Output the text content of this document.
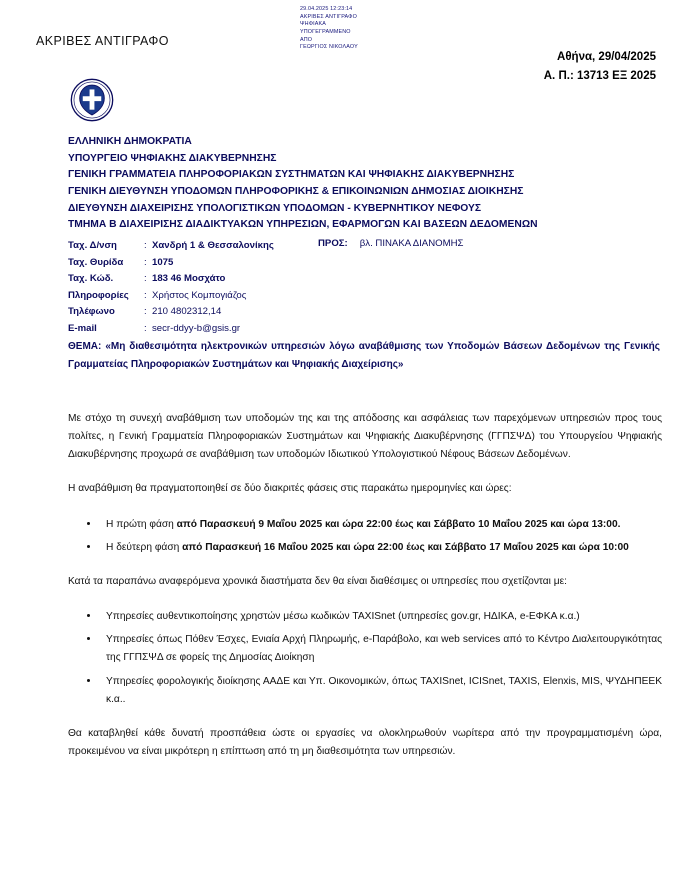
ΑΚΡΙΒΕΣ ΑΝΤΙΓΡΑΦΟ
29.04.2025 12:23:14
ΑΚΡΙΒΕΣ ΑΝΤΙΓΡΑΦΟ
ΨΗΦΙΑΚΑ
ΥΠΟΓΕΓΡΑΜΜΕΝΟ
ΑΠΟ
ΓΕΩΡΓΙΟΣ ΝΙΚΟΛΑΟΥ
Αθήνα, 29/04/2025
Α. Π.: 13713 ΕΞ 2025
ΕΛΛΗΝΙΚΗ ΔΗΜΟΚΡΑΤΙΑ
ΥΠΟΥΡΓΕΙΟ ΨΗΦΙΑΚΗΣ ΔΙΑΚΥΒΕΡΝΗΣΗΣ
ΓΕΝΙΚΗ ΓΡΑΜΜΑΤΕΙΑ ΠΛΗΡΟΦΟΡΙΑΚΩΝ ΣΥΣΤΗΜΑΤΩΝ ΚΑΙ ΨΗΦΙΑΚΗΣ ΔΙΑΚΥΒΕΡΝΗΣΗΣ
ΓΕΝΙΚΗ ΔΙΕΥΘΥΝΣΗ ΥΠΟΔΟΜΩΝ ΠΛΗΡΟΦΟΡΙΚΗΣ & ΕΠΙΚΟΙΝΩΝΙΩΝ ΔΗΜΟΣΙΑΣ ΔΙΟΙΚΗΣΗΣ
ΔΙΕΥΘΥΝΣΗ ΔΙΑΧΕΙΡΙΣΗΣ ΥΠΟΛΟΓΙΣΤΙΚΩΝ ΥΠΟΔΟΜΩΝ - ΚΥΒΕΡΝΗΤΙΚΟΥ ΝΕΦΟΥΣ
ΤΜΗΜΑ Β ΔΙΑΧΕΙΡΙΣΗΣ ΔΙΑΔΙΚΤΥΑΚΩΝ ΥΠΗΡΕΣΙΩΝ, ΕΦΑΡΜΟΓΩΝ ΚΑΙ ΒΑΣΕΩΝ ΔΕΔΟΜΕΝΩΝ
Ταχ. Δ/νση	:	Χανδρή 1 & Θεσσαλονίκης
Ταχ. Θυρίδα	:	1075
Ταχ. Κώδ.	:	183 46 Μοσχάτο
Πληροφορίες	:	Χρήστος Κομπογιάζος
Τηλέφωνο	:	210 4802312,14
E-mail	:	secr-ddyy-b@gsis.gr
ΠΡΟΣ: βλ. ΠΙΝΑΚΑ ΔΙΑΝΟΜΗΣ
ΘΕΜΑ: «Μη διαθεσιμότητα ηλεκτρονικών υπηρεσιών λόγω αναβάθμισης των Υποδομών Βάσεων Δεδομένων της Γενικής Γραμματείας Πληροφοριακών Συστημάτων και Ψηφιακής Διαχείρισης»

Με στόχο τη συνεχή αναβάθμιση των υποδομών της και της απόδοσης και ασφάλειας των παρεχόμενων υπηρεσιών προς τους πολίτες, η Γενική Γραμματεία Πληροφοριακών Συστημάτων και Ψηφιακής Διακυβέρνησης (ΓΓΠΣΨΔ) του Υπουργείου Ψηφιακής Διακυβέρνησης προχωρά σε αναβάθμιση των υποδομών Ιδιωτικού Υπολογιστικού Νέφους Βάσεων Δεδομένων.

Η αναβάθμιση θα πραγματοποιηθεί σε δύο διακριτές φάσεις στις παρακάτω ημερομηνίες και ώρες:

• Η πρώτη φάση από Παρασκευή 9 Μαΐου 2025 και ώρα 22:00 έως και Σάββατο 10 Μαΐου 2025 και ώρα 13:00.
• Η δεύτερη φάση από Παρασκευή 16 Μαΐου 2025 και ώρα 22:00 έως και Σάββατο 17 Μαΐου 2025 και ώρα 10:00

Κατά τα παραπάνω αναφερόμενα χρονικά διαστήματα δεν θα είναι διαθέσιμες οι υπηρεσίες που σχετίζονται με:

• Υπηρεσίες αυθεντικοποίησης χρηστών μέσω κωδικών TAXISnet (υπηρεσίες gov.gr, ΗΔΙΚΑ, e-ΕΦΚΑ κ.α.)
• Υπηρεσίες όπως Πόθεν Έσχες, Ενιαία Αρχή Πληρωμής, e-Παράβολο, και web services από το Κέντρο Διαλειτουργικότητας της ΓΓΠΣΨΔ σε φορείς της Δημοσίας Διοίκηση
• Υπηρεσίες φορολογικής διοίκησης ΑΑΔΕ και Υπ. Οικονομικών, όπως TAXISnet, ICISnet, TAXIS, Elenxis, MIS, ΨΥΔΗΠΕΕΚ κ.α..

Θα καταβληθεί κάθε δυνατή προσπάθεια ώστε οι εργασίες να ολοκληρωθούν νωρίτερα από την προγραμματισμένη ώρα, προκειμένου να είναι μικρότερη η επίπτωση από τη μη διαθεσιμότητα των υπηρεσιών.
